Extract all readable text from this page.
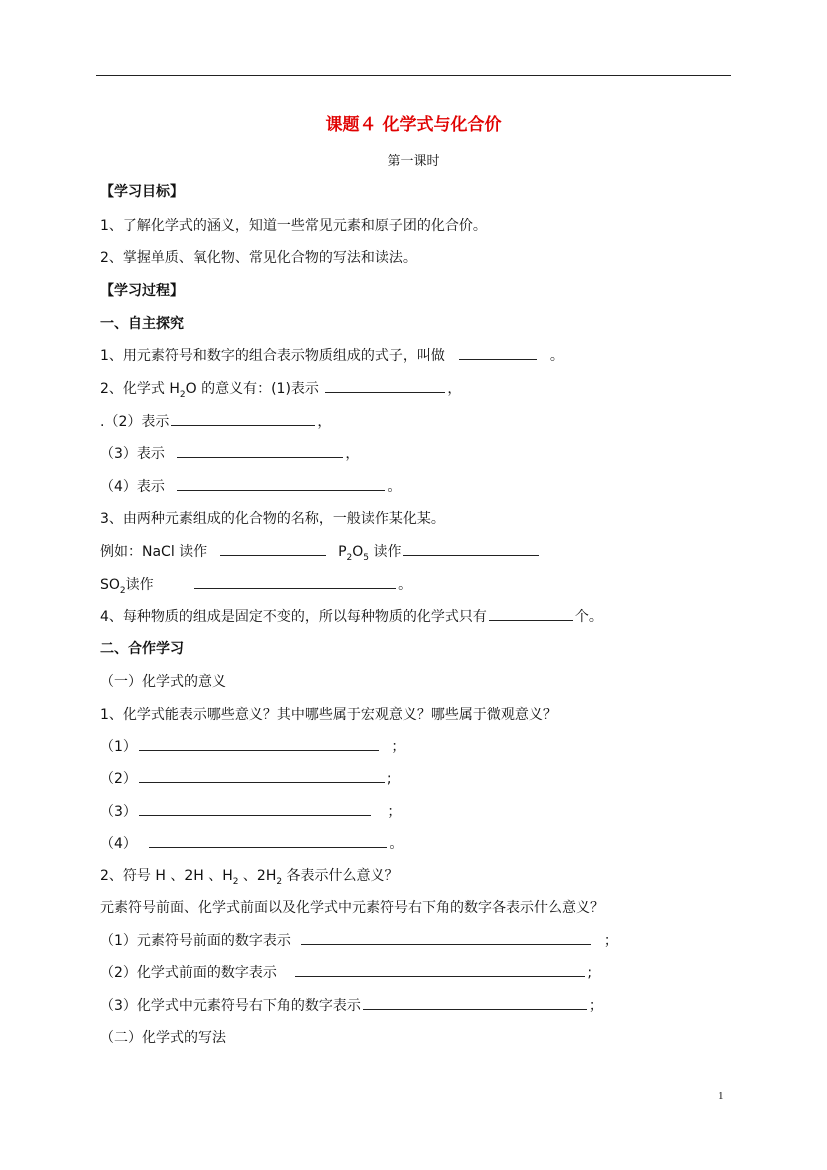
课题４ 化学式与化合价
第一课时
【学习目标】
1、了解化学式的涵义，知道一些常见元素和原子团的化合价。
2、掌握单质、氧化物、常见化合物的写法和读法。
【学习过程】
一、自主探究
1、用元素符号和数字的组合表示物质组成的式子，叫做	。
2、化学式 $H_2O$ 的意义有：(1)表示	，
.（2）表示	，
（3）表示	，
（4）表示	。
3、由两种元素组成的化合物的名称，一般读作某化某。
例如：NaCl 读作	$P_2O_5$ 读作
$SO_2$读作	。
4、每种物质的组成是固定不变的，所以每种物质的化学式只有	个。
二、合作学习
（一）化学式的意义
1、化学式能表示哪些意义？其中哪些属于宏观意义？哪些属于微观意义？
（1）	；
（2）	;
（3）	；
（4）	。
2、符号 H 、2H 、$H_2$ 、$2H_2$ 各表示什么意义？
元素符号前面、化学式前面以及化学式中元素符号右下角的数字各表示什么意义？
（1）元素符号前面的数字表示	；
（2）化学式前面的数字表示	;
（3）化学式中元素符号右下角的数字表示	；
（二）化学式的写法
1
